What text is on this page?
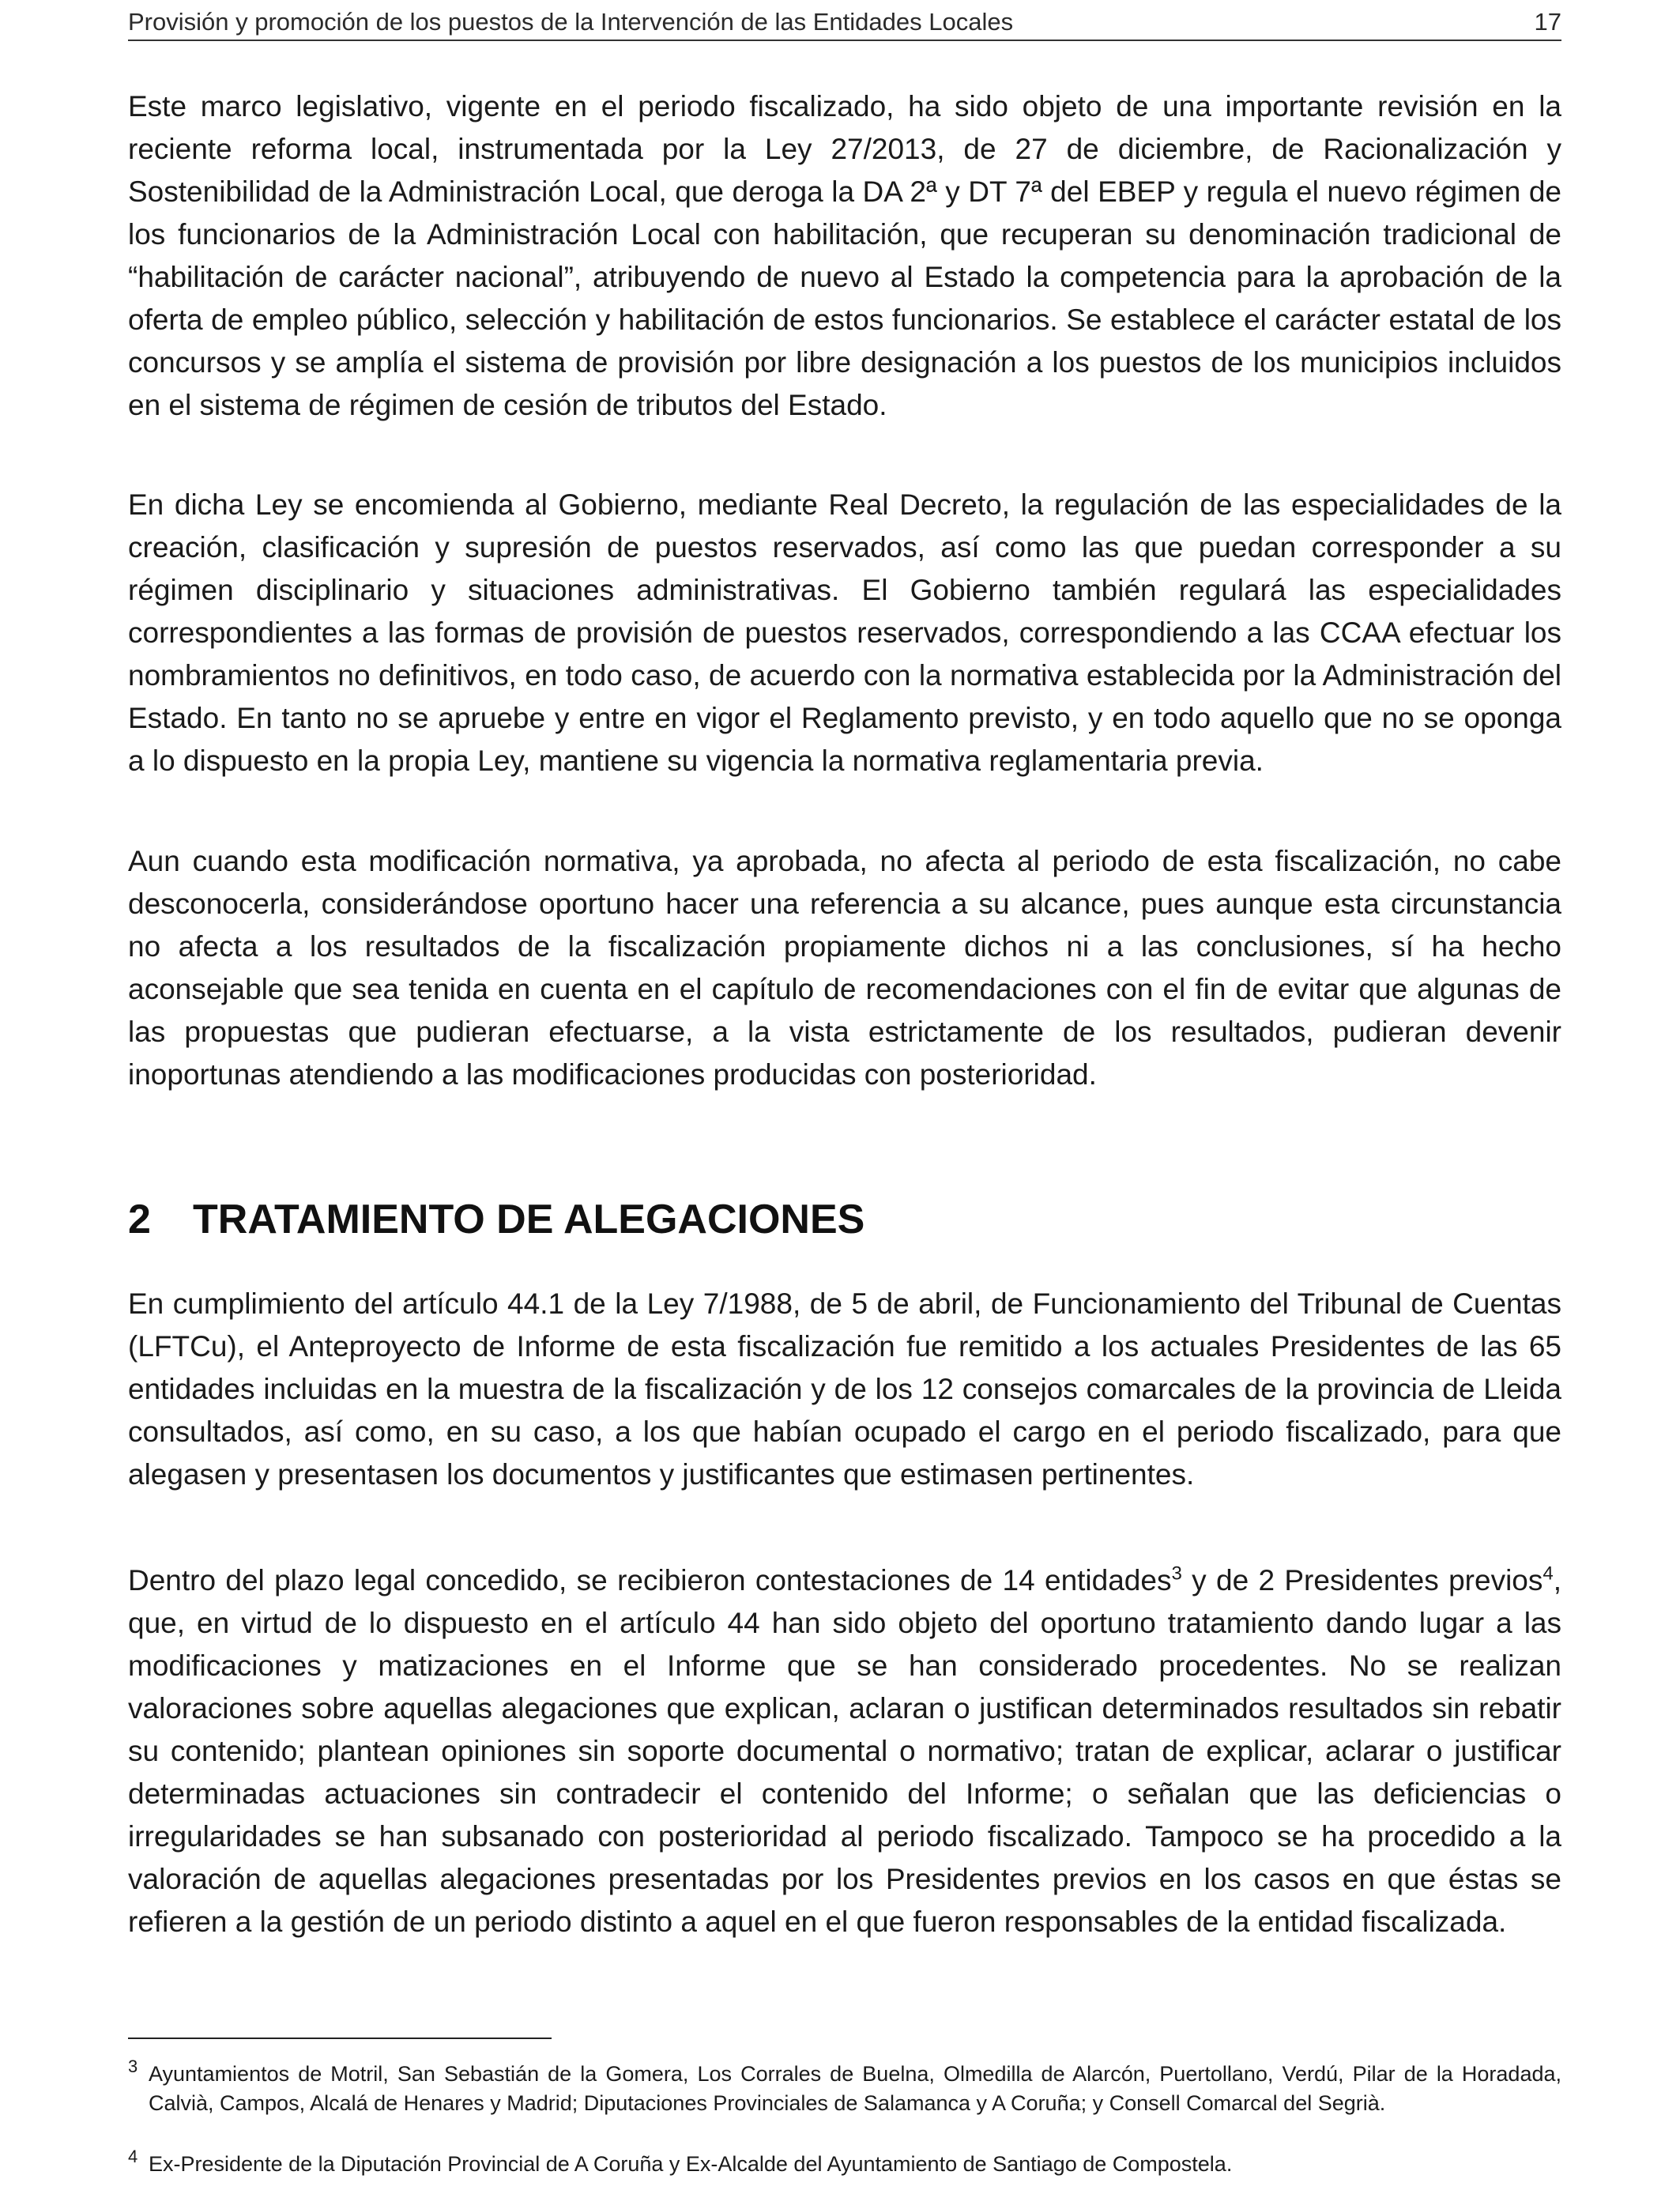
Provisión y promoción de los puestos de la Intervención de las Entidades Locales	17

Este marco legislativo, vigente en el periodo fiscalizado, ha sido objeto de una importante revisión en la reciente reforma local, instrumentada por la Ley 27/2013, de 27 de diciembre, de Racionalización y Sostenibilidad de la Administración Local, que deroga la DA 2ª y DT 7ª del EBEP y regula el nuevo régimen de los funcionarios de la Administración Local con habilitación, que recuperan su denominación tradicional de “habilitación de carácter nacional”, atribuyendo de nuevo al Estado la competencia para la aprobación de la oferta de empleo público, selección y habilitación de estos funcionarios. Se establece el carácter estatal de los concursos y se amplía el sistema de provisión por libre designación a los puestos de los municipios incluidos en el sistema de régimen de cesión de tributos del Estado.

En dicha Ley se encomienda al Gobierno, mediante Real Decreto, la regulación de las especialidades de la creación, clasificación y supresión de puestos reservados, así como las que puedan corresponder a su régimen disciplinario y situaciones administrativas. El Gobierno también regulará las especialidades correspondientes a las formas de provisión de puestos reservados, correspondiendo a las CCAA efectuar los nombramientos no definitivos, en todo caso, de acuerdo con la normativa establecida por la Administración del Estado. En tanto no se apruebe y entre en vigor el Reglamento previsto, y en todo aquello que no se oponga a lo dispuesto en la propia Ley, mantiene su vigencia la normativa reglamentaria previa.

Aun cuando esta modificación normativa, ya aprobada, no afecta al periodo de esta fiscalización, no cabe desconocerla, considerándose oportuno hacer una referencia a su alcance, pues aunque esta circunstancia no afecta a los resultados de la fiscalización propiamente dichos ni a las conclusiones, sí ha hecho aconsejable que sea tenida en cuenta en el capítulo de recomendaciones con el fin de evitar que algunas de las propuestas que pudieran efectuarse, a la vista estrictamente de los resultados, pudieran devenir inoportunas atendiendo a las modificaciones producidas con posterioridad.

2 TRATAMIENTO DE ALEGACIONES

En cumplimiento del artículo 44.1 de la Ley 7/1988, de 5 de abril, de Funcionamiento del Tribunal de Cuentas (LFTCu), el Anteproyecto de Informe de esta fiscalización fue remitido a los actuales Presidentes de las 65 entidades incluidas en la muestra de la fiscalización y de los 12 consejos comarcales de la provincia de Lleida consultados, así como, en su caso, a los que habían ocupado el cargo en el periodo fiscalizado, para que alegasen y presentasen los documentos y justificantes que estimasen pertinentes.

Dentro del plazo legal concedido, se recibieron contestaciones de 14 entidades$^3$ y de 2 Presidentes previos$^4$, que, en virtud de lo dispuesto en el artículo 44 han sido objeto del oportuno tratamiento dando lugar a las modificaciones y matizaciones en el Informe que se han considerado procedentes. No se realizan valoraciones sobre aquellas alegaciones que explican, aclaran o justifican determinados resultados sin rebatir su contenido; plantean opiniones sin soporte documental o normativo; tratan de explicar, aclarar o justificar determinadas actuaciones sin contradecir el contenido del Informe; o señalan que las deficiencias o irregularidades se han subsanado con posterioridad al periodo fiscalizado. Tampoco se ha procedido a la valoración de aquellas alegaciones presentadas por los Presidentes previos en los casos en que éstas se refieren a la gestión de un periodo distinto a aquel en el que fueron responsables de la entidad fiscalizada.

3 Ayuntamientos de Motril, San Sebastián de la Gomera, Los Corrales de Buelna, Olmedilla de Alarcón, Puertollano, Verdú, Pilar de la Horadada, Calvià, Campos, Alcalá de Henares y Madrid; Diputaciones Provinciales de Salamanca y A Coruña; y Consell Comarcal del Segrià.
4 Ex-Presidente de la Diputación Provincial de A Coruña y Ex-Alcalde del Ayuntamiento de Santiago de Compostela.
